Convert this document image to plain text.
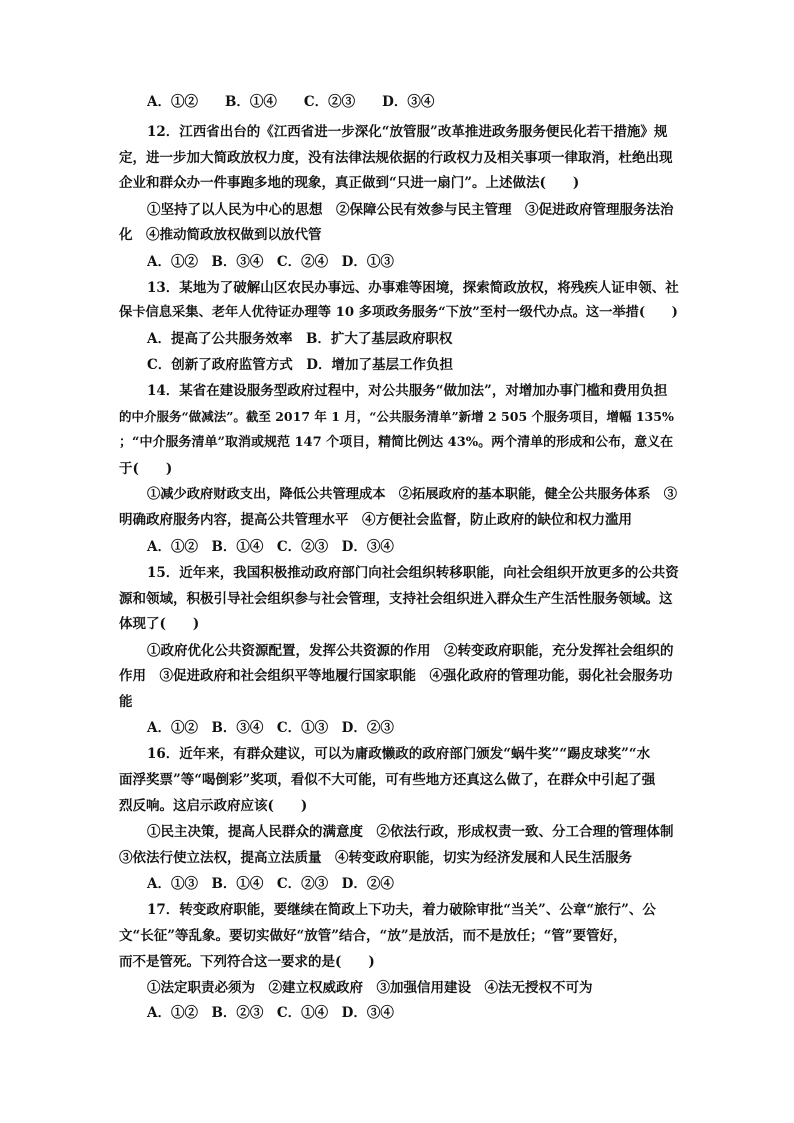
A．①②　　B．①④　　C．②③　　D．③④
12．江西省出台的《江西省进一步深化“放管服”改革推进政务服务便民化若干措施》规
定，进一步加大简政放权力度，没有法律法规依据的行政权力及相关事项一律取消，杜绝出现
企业和群众办一件事跑多地的现象，真正做到“只进一扇门”。上述做法(　　)
①坚持了以人民为中心的思想　②保障公民有效参与民主管理　③促进政府管理服务法治
化　④推动简政放权做到以放代管
A．①②　B．③④　C．②④　D．①③
13．某地为了破解山区农民办事远、办事难等困境，探索简政放权，将残疾人证申领、社
保卡信息采集、老年人优待证办理等 10 多项政务服务“下放”至村一级代办点。这一举措(　　)
A．提高了公共服务效率　B．扩大了基层政府职权
C．创新了政府监管方式　D．增加了基层工作负担
14．某省在建设服务型政府过程中，对公共服务“做加法”，对增加办事门槛和费用负担
的中介服务“做减法”。截至 2017 年 1 月，“公共服务清单”新增 2 505 个服务项目，增幅 135%
；“中介服务清单”取消或规范 147 个项目，精简比例达 43%。两个清单的形成和公布，意义在
于(　　)
①减少政府财政支出，降低公共管理成本　②拓展政府的基本职能，健全公共服务体系　③
明确政府服务内容，提高公共管理水平　④方便社会监督，防止政府的缺位和权力滥用
A．①②　B．①④　C．②③　D．③④
15．近年来，我国积极推动政府部门向社会组织转移职能，向社会组织开放更多的公共资
源和领域，积极引导社会组织参与社会管理，支持社会组织进入群众生产生活性服务领域。这
体现了(　　)
①政府优化公共资源配置，发挥公共资源的作用　②转变政府职能，充分发挥社会组织的
作用　③促进政府和社会组织平等地履行国家职能　④强化政府的管理功能，弱化社会服务功
能
A．①②　B．③④　C．①③　D．②③
16．近年来，有群众建议，可以为庸政懒政的政府部门颁发“蜗牛奖”“踢皮球奖”“水
面浮奖票”等“喝倒彩”奖项，看似不大可能，可有些地方还真这么做了，在群众中引起了强
烈反响。这启示政府应该(　　)
①民主决策，提高人民群众的满意度　②依法行政，形成权责一致、分工合理的管理体制
③依法行使立法权，提高立法质量　④转变政府职能，切实为经济发展和人民生活服务
A．①③　B．①④　C．②③　D．②④
17．转变政府职能，要继续在简政上下功夫，着力破除审批“当关”、公章“旅行”、公
文“长征”等乱象。要切实做好“放管”结合，“放”是放活，而不是放任；“管”要管好，
而不是管死。下列符合这一要求的是(　　)
①法定职责必须为　②建立权威政府　③加强信用建设　④法无授权不可为
A．①②　B．②③　C．①④　D．③④
